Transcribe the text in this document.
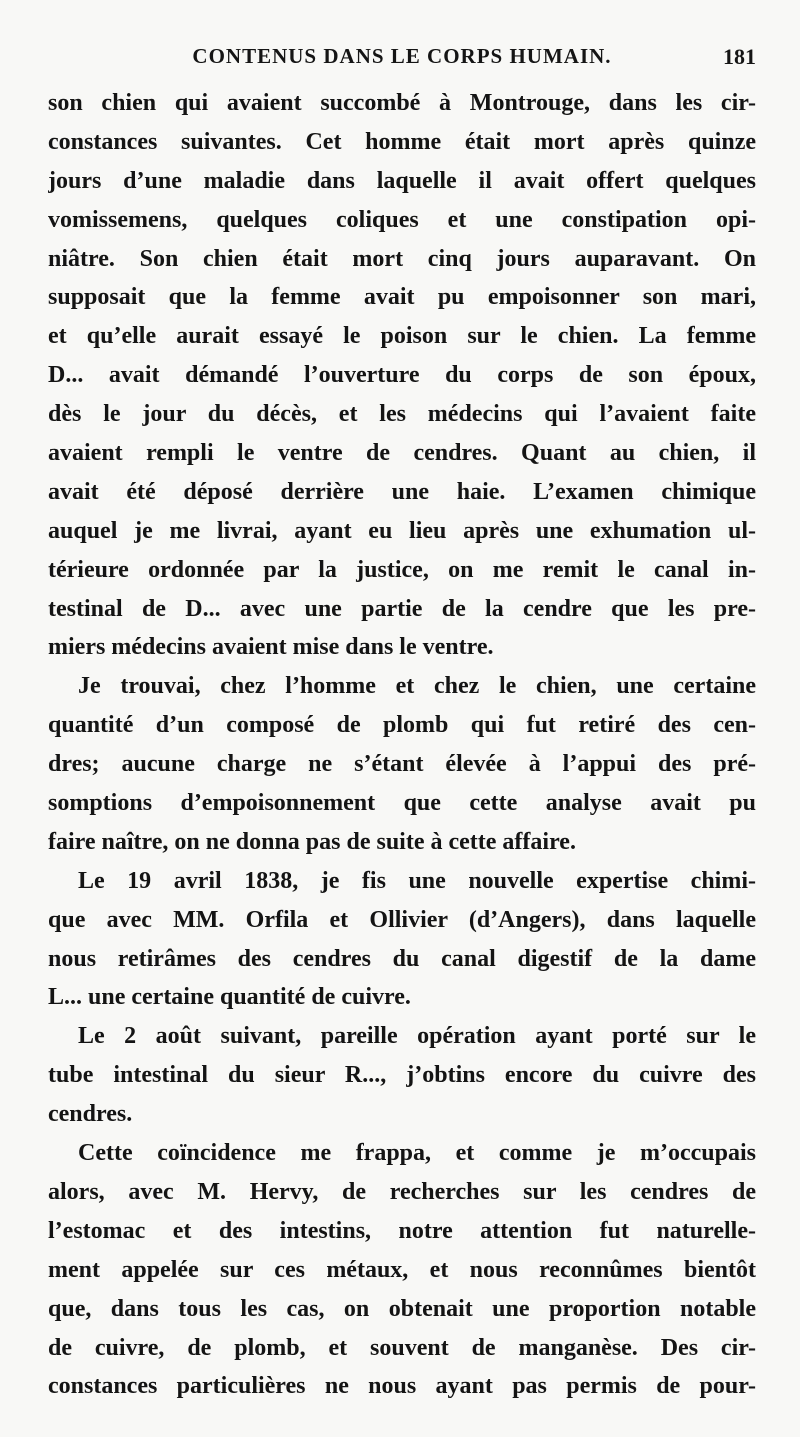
CONTENUS DANS LE CORPS HUMAIN.	181
son chien qui avaient succombé à Montrouge, dans les cir-
constances suivantes. Cet homme était mort après quinze
jours d’une maladie dans laquelle il avait offert quelques
vomissemens, quelques coliques et une constipation opi-
niâtre. Son chien était mort cinq jours auparavant. On
supposait que la femme avait pu empoisonner son mari,
et qu’elle aurait essayé le poison sur le chien. La femme
D... avait démandé l’ouverture du corps de son époux,
dès le jour du décès, et les médecins qui l’avaient faite
avaient rempli le ventre de cendres. Quant au chien, il
avait été déposé derrière une haie. L’examen chimique
auquel je me livrai, ayant eu lieu après une exhumation ul-
térieure ordonnée par la justice, on me remit le canal in-
testinal de D... avec une partie de la cendre que les pre-
miers médecins avaient mise dans le ventre.
Je trouvai, chez l’homme et chez le chien, une certaine
quantité d’un composé de plomb qui fut retiré des cen-
dres; aucune charge ne s’étant élevée à l’appui des pré-
somptions d’empoisonnement que cette analyse avait pu
faire naître, on ne donna pas de suite à cette affaire.
Le 19 avril 1838, je fis une nouvelle expertise chimi-
que avec MM. Orfila et Ollivier (d’Angers), dans laquelle
nous retirâmes des cendres du canal digestif de la dame
L... une certaine quantité de cuivre.
Le 2 août suivant, pareille opération ayant porté sur le
tube intestinal du sieur R..., j’obtins encore du cuivre des
cendres.
Cette coïncidence me frappa, et comme je m’occupais
alors, avec M. Hervy, de recherches sur les cendres de
l’estomac et des intestins, notre attention fut naturelle-
ment appelée sur ces métaux, et nous reconnûmes bientôt
que, dans tous les cas, on obtenait une proportion notable
de cuivre, de plomb, et souvent de manganèse. Des cir-
constances particulières ne nous ayant pas permis de pour-
